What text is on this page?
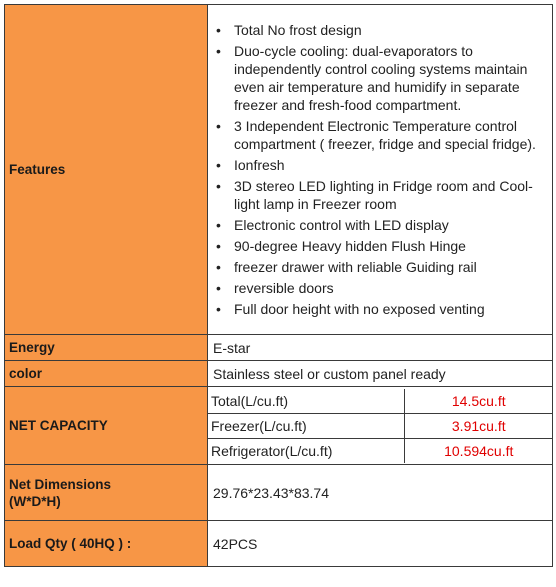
Features	
• Total No frost design
• Duo-cycle cooling: dual-evaporators to independently control cooling systems maintain even air temperature and humidify in separate freezer and fresh-food compartment.
• 3 Independent Electronic Temperature control compartment ( freezer, fridge and special fridge).
• Ionfresh
• 3D stereo LED lighting in Fridge room and Cool-light lamp in Freezer room
• Electronic control with LED display
• 90-degree Heavy hidden Flush Hinge
• freezer drawer with reliable Guiding rail
• reversible doors
• Full door height with no exposed venting

Energy	E-star
color	Stainless steel or custom panel ready
NET CAPACITY	
Total(L/cu.ft)	14.5cu.ft
Freezer(L/cu.ft)	3.91cu.ft
Refrigerator(L/cu.ft)	10.594cu.ft

Net Dimensions
(W*D*H)
	29.76*23.43*83.74
Load Qty ( 40HQ ) :	42PCS
